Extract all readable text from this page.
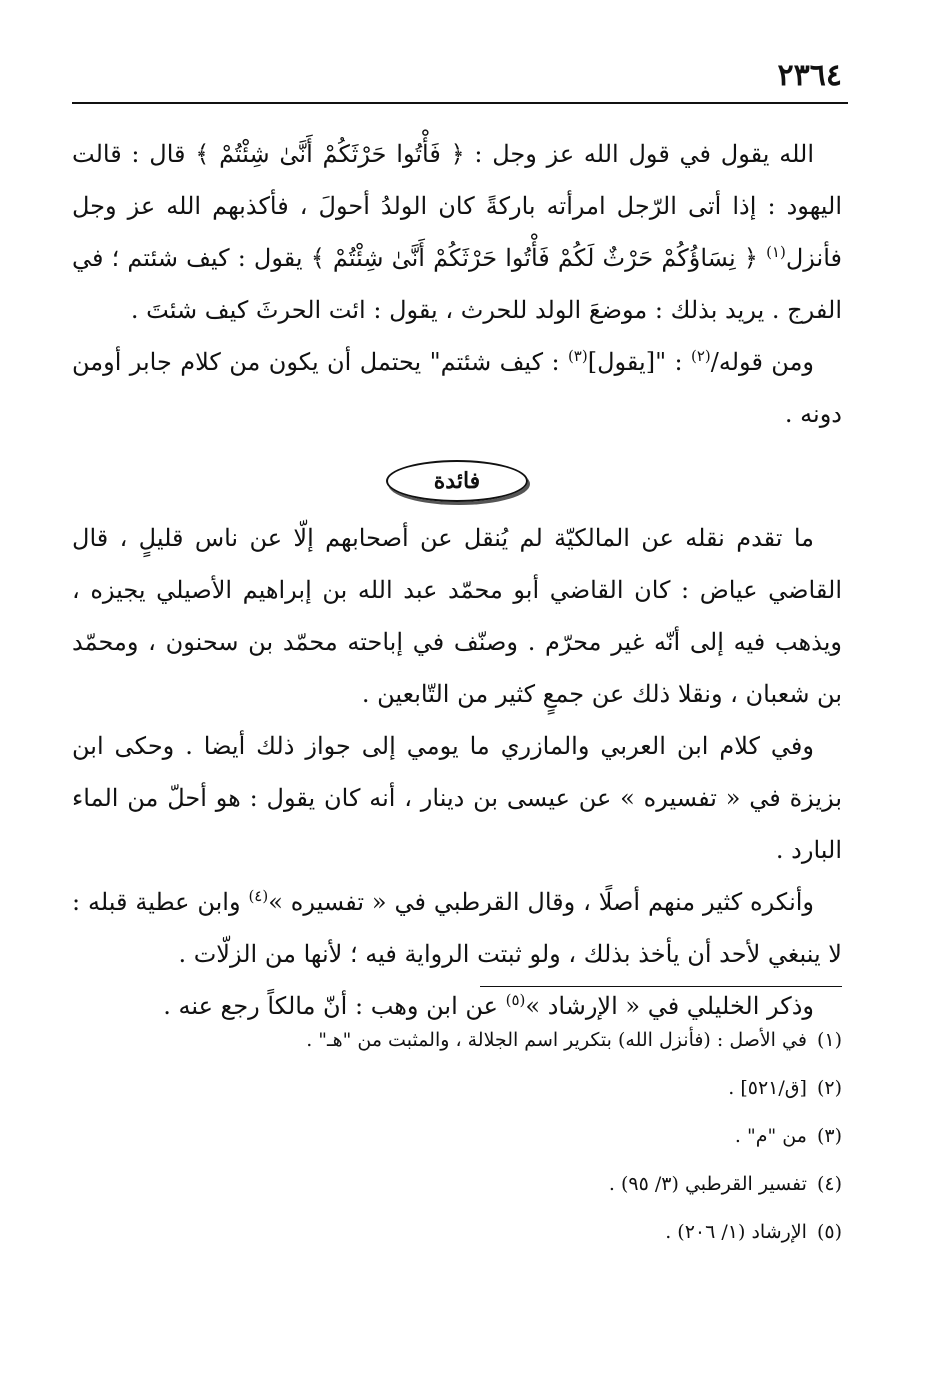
٢٣٦٤

الله يقول في قول الله عز وجل : ﴿ فَأْتُوا حَرْثَكُمْ أَنَّىٰ شِئْتُمْ ﴾ قال : قالت اليهود : إذا أتى الرّجل امرأته باركةً كان الولدُ أحولَ ، فأكذبهم الله عز وجل فأنزل$^{(١)}$ ﴿ نِسَاؤُكُمْ حَرْثٌ لَكُمْ فَأْتُوا حَرْثَكُمْ أَنَّىٰ شِئْتُمْ ﴾ يقول : كيف شئتم ؛ في الفرج . يريد بذلك : موضعَ الولد للحرث ، يقول : ائت الحرثَ كيف شئتَ .

ومن قوله/$^{(٢)}$ : "[يقول]$^{(٣)}$ : كيف شئتم" يحتمل أن يكون من كلام جابر أومن دونه .

فائدة

ما تقدم نقله عن المالكيّة لم يُنقل عن أصحابهم إلّا عن ناس قليلٍ ، قال القاضي عياض : كان القاضي أبو محمّد عبد الله بن إبراهيم الأصيلي يجيزه ، ويذهب فيه إلى أنّه غير محرّم . وصنّف في إباحته محمّد بن سحنون ، ومحمّد بن شعبان ، ونقلا ذلك عن جمعٍ كثير من التّابعين .

وفي كلام ابن العربي والمازري ما يومي إلى جواز ذلك أيضا . وحكى ابن بزيزة في « تفسيره » عن عيسى بن دينار ، أنه كان يقول : هو أحلّ من الماء البارد .

وأنكره كثير منهم أصلًا ، وقال القرطبي في « تفسيره »$^{(٤)}$ وابن عطية قبله : لا ينبغي لأحد أن يأخذ بذلك ، ولو ثبتت الرواية فيه ؛ لأنها من الزلّات .

وذكر الخليلي في « الإرشاد »$^{(٥)}$ عن ابن وهب : أنّ مالكاً رجع عنه .

(١)في الأصل : (فأنزل الله) بتكرير اسم الجلالة ، والمثبت من "هـ" .

(٢)[ق/٥٢١] .

(٣)من "م" .

(٤)تفسير القرطبي (٣/ ٩٥) .

(٥)الإرشاد (١/ ٢٠٦) .
